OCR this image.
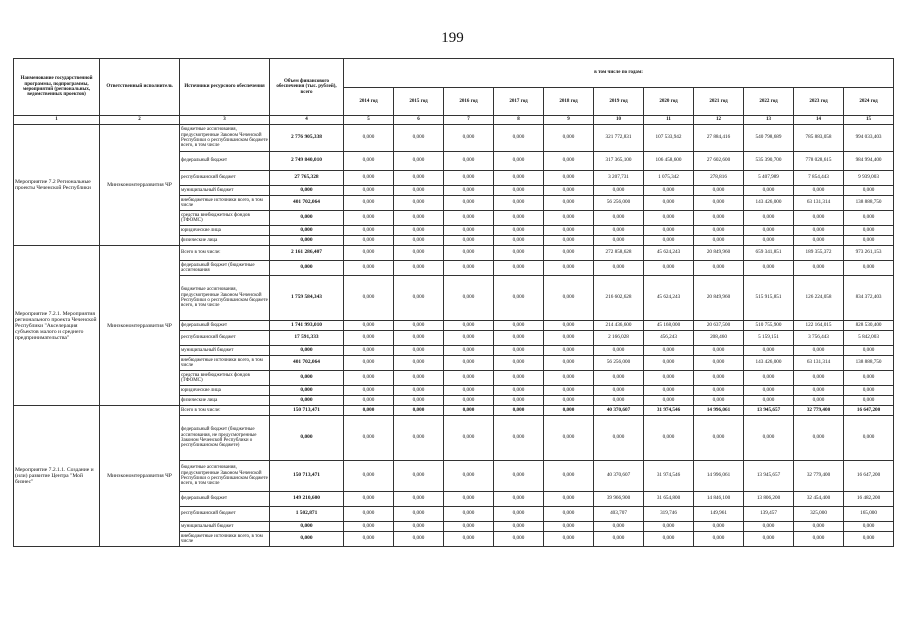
199
Наименование государственной программы, подпрограммы, мероприятий (региональных, ведомственных проектов)	Ответственный исполнитель	Источники ресурсного обеспечения	Объем финансового обеспечения (тыс. рублей), всего	в том числе по годам:										
				2014 год	2015 год	2016 год	2017 год	2018 год	2019 год	2020 год	2021 год	2022 год	2023 год	2024 год
1	2	3	4	5	6	7	8	9	10	11	12	13	14	15
Мероприятие 7.2 Региональные проекты Чеченской Республики	Минэкономтерразвития ЧР	бюджетные ассигнования, предусмотренные Законом Чеченской Республики о республиканском бюджете всего, в том числе	2 776 905,338	0,000	0,000	0,000	0,000	0,000	321 772,831	107 533,942	27 884,416	540 798,689	785 883,058	994 033,403
		федеральный бюджет	2 749 840,010	0,000	0,000	0,000	0,000	0,000	317 365,100	106 458,600	27 602,600	535 390,700	778 028,615	984 994,400
		республиканский бюджет	27 765,328	0,000	0,000	0,000	0,000	0,000	3 207,731	1 075,342	278,816	5 407,989	7 854,443	9 939,003
		муниципальный бюджет	0,000	0,000	0,000	0,000	0,000	0,000	0,000	0,000	0,000	0,000	0,000	0,000
		внебюджетные источники всего, в том числе	401 702,064	0,000	0,000	0,000	0,000	0,000	56 256,000	0,000	0,000	143 426,000	63 131,314	138 888,750
		средства внебюджетных фондов (ТФОМС)	0,000	0,000	0,000	0,000	0,000	0,000	0,000	0,000	0,000	0,000	0,000	0,000
		юридические лица	0,000	0,000	0,000	0,000	0,000	0,000	0,000	0,000	0,000	0,000	0,000	0,000
		физические лица	0,000	0,000	0,000	0,000	0,000	0,000	0,000	0,000	0,000	0,000	0,000	0,000
Мероприятие 7.2.1. Мероприятия регионального проекта Чеченской Республики "Акселерация субъектов малого и среднего предпринимательства"	Минэкономтерразвития ЧР	Всего в том числе:	2 161 286,407	0,000	0,000	0,000	0,000	0,000	272 858,628	45 624,243	20 849,960	659 341,851	189 355,372	973 261,153
		федеральный бюджет (бюджетные ассигнования	0,000	0,000	0,000	0,000	0,000	0,000	0,000	0,000	0,000	0,000	0,000	0,000
		бюджетные ассигнования, предусмотренные Законом Чеченской Республики о республиканском бюджете всего, в том числе	1 759 584,343	0,000	0,000	0,000	0,000	0,000	216 602,628	45 624,243	20 849,960	515 915,851	126 224,058	834 372,403
		федеральный бюджет	1 741 993,010	0,000	0,000	0,000	0,000	0,000	214 436,600	45 168,000	20 637,500	510 755,900	122 164,015	828 530,400
		республиканский бюджет	17 591,333	0,000	0,000	0,000	0,000	0,000	2 166,028	456,243	208,460	5 159,151	3 756,443	5 842,003
		муниципальный бюджет	0,000	0,000	0,000	0,000	0,000	0,000	0,000	0,000	0,000	0,000	0,000	0,000
		внебюджетные источники всего, в том числе	401 702,064	0,000	0,000	0,000	0,000	0,000	56 256,000	0,000	0,000	143 426,000	63 131,314	138 888,750
		средства внебюджетных фондов (ТФОМС)	0,000	0,000	0,000	0,000	0,000	0,000	0,000	0,000	0,000	0,000	0,000	0,000
		юридические лица	0,000	0,000	0,000	0,000	0,000	0,000	0,000	0,000	0,000	0,000	0,000	0,000
		физические лица	0,000	0,000	0,000	0,000	0,000	0,000	0,000	0,000	0,000	0,000	0,000	0,000
Мероприятие 7.2.1.1. Создание и (или) развитие Центра "Мой бизнес"	Минэкономтерразвития ЧР	Всего в том числе:	150 713,471	0,000	0,000	0,000	0,000	0,000	40 370,607	31 974,546	14 996,061	13 945,657	32 779,400	16 647,200
		федеральный бюджет (бюджетные ассигнования, не предусмотренные Законом Чеченской Республики о республиканском бюджете)	0,000	0,000	0,000	0,000	0,000	0,000	0,000	0,000	0,000	0,000	0,000	0,000
		бюджетные ассигнования, предусмотренные Законом Чеченской Республики о республиканском бюджете всего, в том числе	150 713,471	0,000	0,000	0,000	0,000	0,000	40 370,607	31 974,546	14 996,061	13 945,657	32 779,400	16 647,200
		федеральный бюджет	149 210,600	0,000	0,000	0,000	0,000	0,000	39 966,900	31 654,800	14 846,100	13 806,200	32 454,400	16 482,200
		республиканский бюджет	1 502,871	0,000	0,000	0,000	0,000	0,000	403,707	319,746	149,961	139,457	325,000	165,000
		муниципальный бюджет	0,000	0,000	0,000	0,000	0,000	0,000	0,000	0,000	0,000	0,000	0,000	0,000
		внебюджетные источники всего, в том числе	0,000	0,000	0,000	0,000	0,000	0,000	0,000	0,000	0,000	0,000	0,000	0,000
